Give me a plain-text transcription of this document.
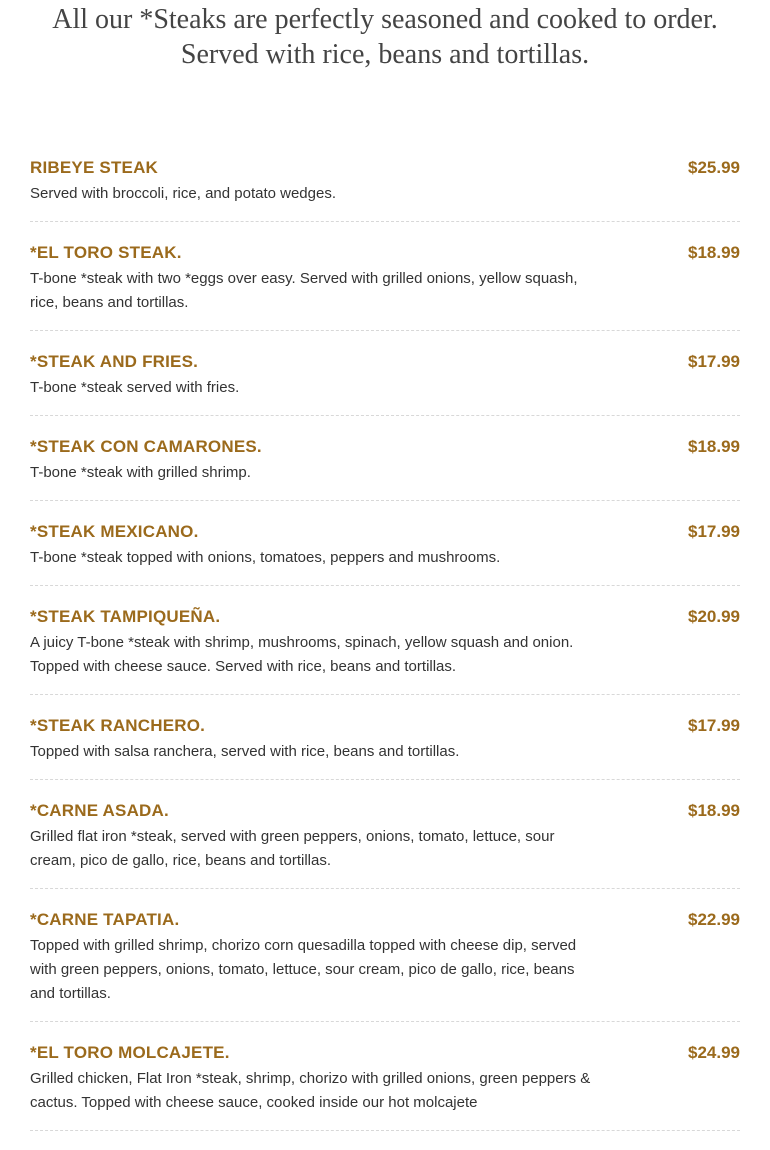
All our *Steaks are perfectly seasoned and cooked to order.
Served with rice, beans and tortillas.
RIBEYE STEAK	$25.99
Served with broccoli, rice, and potato wedges.
*EL TORO STEAK.	$18.99
T-bone *steak with two *eggs over easy. Served with grilled onions, yellow squash, rice, beans and tortillas.
*STEAK AND FRIES.	$17.99
T-bone *steak served with fries.
*STEAK CON CAMARONES.	$18.99
T-bone *steak with grilled shrimp.
*STEAK MEXICANO.	$17.99
T-bone *steak topped with onions, tomatoes, peppers and mushrooms.
*STEAK TAMPIQUEÑA.	$20.99
A juicy T-bone *steak with shrimp, mushrooms, spinach, yellow squash and onion. Topped with cheese sauce. Served with rice, beans and tortillas.
*STEAK RANCHERO.	$17.99
Topped with salsa ranchera, served with rice, beans and tortillas.
*CARNE ASADA.	$18.99
Grilled flat iron *steak, served with green peppers, onions, tomato, lettuce, sour cream, pico de gallo, rice, beans and tortillas.
*CARNE TAPATIA.	$22.99
Topped with grilled shrimp, chorizo corn quesadilla topped with cheese dip, served with green peppers, onions, tomato, lettuce, sour cream, pico de gallo, rice, beans and tortillas.
*EL TORO MOLCAJETE.	$24.99
Grilled chicken, Flat Iron *steak, shrimp, chorizo with grilled onions, green peppers & cactus. Topped with cheese sauce, cooked inside our hot molcajete
